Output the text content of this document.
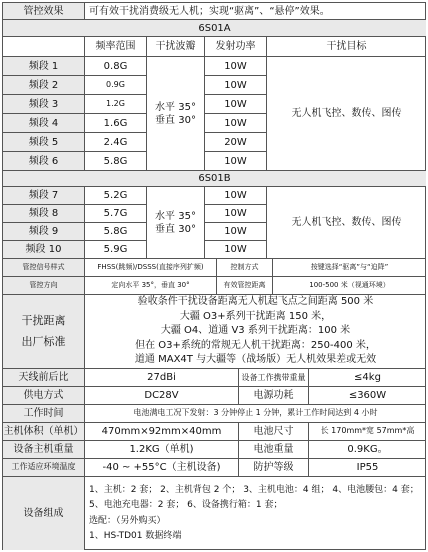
管控效果	可有效干扰消费级无人机；实现“驱离”、“悬停”效果。
6S01A
频率范围	干扰波瓣	发射功率	干扰目标
频段 1	0.8G	10W
频段 2	0.9G	10W
频段 3	1.2G	10W
频段 4	1.6G	10W
频段 5	2.4G	20W
频段 6	5.8G	10W
水平 35°
垂直 30°
无人机飞控、数传、图传
6S01B
频段 7	5.2G	10W
频段 8	5.7G	10W
频段 9	5.8G	10W
频段 10	5.9G	10W
水平 35°
垂直 30°
无人机飞控、数传、图传
管控信号样式	FHSS(跳频)/DSSS(直接序列扩频)	控制方式	按键选择“驱离”与“迫降”
管控方向	定向水平 35°，垂直 30°	有效管控距离	100-500 米（视通环境）
干扰距离
出厂标准
验收条件干扰设备距离无人机起飞点之间距离 500 米
大疆 O3+系列干扰距离 150 米，
大疆 O4、道通 V3 系列干扰距离：100 米
但在 O3+系统的常规无人机干扰距离：250-400 米，
道通 MAX4T 与大疆等（战场版）无人机效果差或无效
天线前后比	27dBi	设备工作携带重量	≤4kg
供电方式	DC28V	电源功耗	≤360W
工作时间	电池满电工况下发射：3 分钟停止 1 分钟，累计工作时间达到 4 小时
主机体积（单机）	470mm×92mm×40mm	电池尺寸	长 170mm*宽 57mm*高
设备主机重量	1.2KG（单机)	电池重量	0.9KG。
工作适应环境温度	-40 ~ +55°C（主机设备)	防护等级	IP55
设备组成
1、主机：2 套； 2、主机背包 2 个； 3、主机电池：4 组； 4、电池腰包：4 套；
5、电池充电器：2 套； 6、设备携行箱：1 套；
选配：（另外购买）
1、HS-TD01 数据终端
